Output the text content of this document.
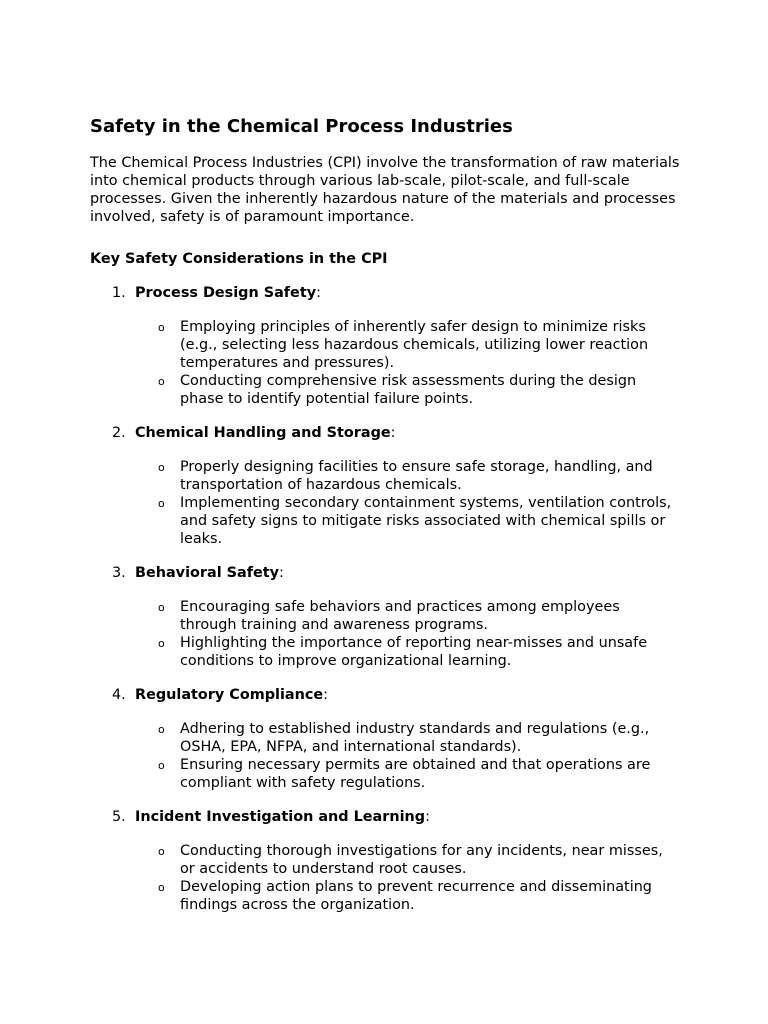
Safety in the Chemical Process Industries

The Chemical Process Industries (CPI) involve the transformation of raw materials into chemical products through various lab-scale, pilot-scale, and full-scale processes. Given the inherently hazardous nature of the materials and processes involved, safety is of paramount importance.

Key Safety Considerations in the CPI
1. Process Design Safety:
o Employing principles of inherently safer design to minimize risks (e.g., selecting less hazardous chemicals, utilizing lower reaction temperatures and pressures).
o Conducting comprehensive risk assessments during the design phase to identify potential failure points.
2. Chemical Handling and Storage:
o Properly designing facilities to ensure safe storage, handling, and transportation of hazardous chemicals.
o Implementing secondary containment systems, ventilation controls, and safety signs to mitigate risks associated with chemical spills or leaks.
3. Behavioral Safety:
o Encouraging safe behaviors and practices among employees through training and awareness programs.
o Highlighting the importance of reporting near-misses and unsafe conditions to improve organizational learning.
4. Regulatory Compliance:
o Adhering to established industry standards and regulations (e.g., OSHA, EPA, NFPA, and international standards).
o Ensuring necessary permits are obtained and that operations are compliant with safety regulations.
5. Incident Investigation and Learning:
o Conducting thorough investigations for any incidents, near misses, or accidents to understand root causes.
o Developing action plans to prevent recurrence and disseminating findings across the organization.
